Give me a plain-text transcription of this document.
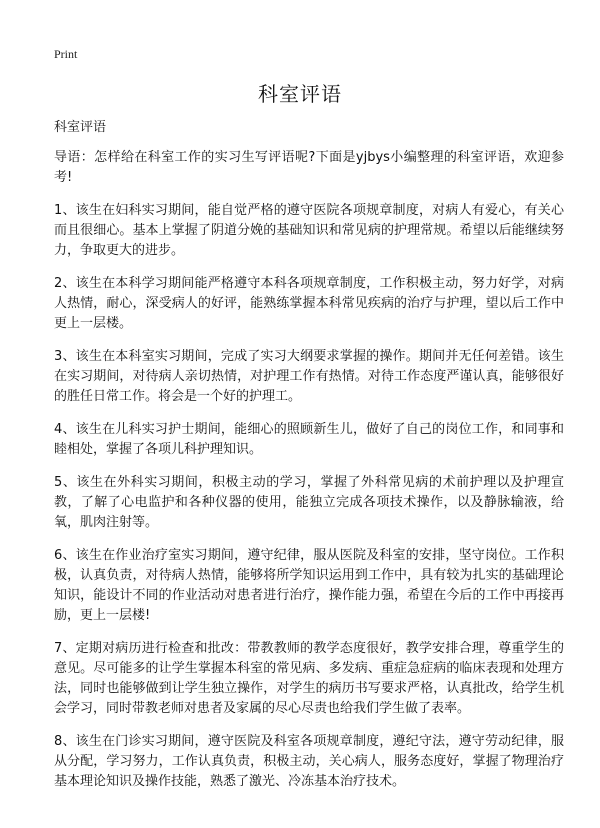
Print
科室评语

科室评语

导语：怎样给在科室工作的实习生写评语呢?下面是yjbys小编整理的科室评语，欢迎参考!

1、该生在妇科实习期间，能自觉严格的遵守医院各项规章制度，对病人有爱心，有关心而且很细心。基本上掌握了阴道分娩的基础知识和常见病的护理常规。希望以后能继续努力，争取更大的进步。

2、该生在本科学习期间能严格遵守本科各项规章制度，工作积极主动，努力好学，对病人热情，耐心，深受病人的好评，能熟练掌握本科常见疾病的治疗与护理，望以后工作中更上一层楼。

3、该生在本科室实习期间，完成了实习大纲要求掌握的操作。期间并无任何差错。该生在实习期间，对待病人亲切热情，对护理工作有热情。对待工作态度严谨认真，能够很好的胜任日常工作。将会是一个好的护理工。

4、该生在儿科实习护士期间，能细心的照顾新生儿，做好了自己的岗位工作，和同事和睦相处，掌握了各项儿科护理知识。

5、该生在外科实习期间，积极主动的学习，掌握了外科常见病的术前护理以及护理宣教，了解了心电监护和各种仪器的使用，能独立完成各项技术操作，以及静脉输液，给氧，肌肉注射等。

6、该生在作业治疗室实习期间，遵守纪律，服从医院及科室的安排，坚守岗位。工作积极，认真负责，对待病人热情，能够将所学知识运用到工作中，具有较为扎实的基础理论知识，能设计不同的作业活动对患者进行治疗，操作能力强，希望在今后的工作中再接再励，更上一层楼!

7、定期对病历进行检查和批改：带教教师的教学态度很好，教学安排合理，尊重学生的意见。尽可能多的让学生掌握本科室的常见病、多发病、重症急症病的临床表现和处理方法，同时也能够做到让学生独立操作，对学生的病历书写要求严格，认真批改，给学生机会学习，同时带教老师对患者及家属的尽心尽责也给我们学生做了表率。

8、该生在门诊实习期间，遵守医院及科室各项规章制度，遵纪守法，遵守劳动纪律，服从分配，学习努力，工作认真负责，积极主动，关心病人，服务态度好，掌握了物理治疗基本理论知识及操作技能，熟悉了激光、冷冻基本治疗技术。
